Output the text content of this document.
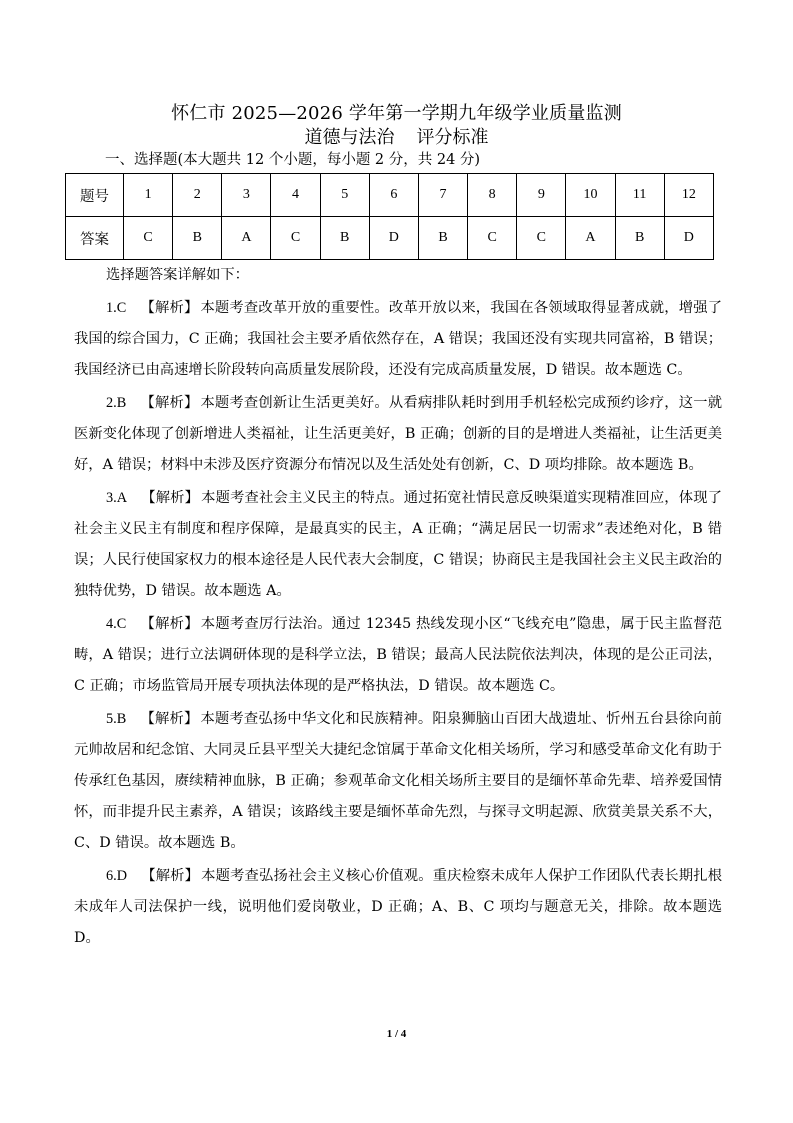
怀仁市 2025—2026 学年第一学期九年级学业质量监测
道德与法治 评分标准
一、选择题(本大题共 12 个小题，每小题 2 分，共 24 分)
题号	1	2	3	4	5	6	7	8	9	10	11	12
答案	C	B	A	C	B	D	B	C	C	A	B	D

选择题答案详解如下：

1.C 【解析】 本题考查改革开放的重要性。改革开放以来，我国在各领域取得显著成就，增强了我国的综合国力，C 正确；我国社会主要矛盾依然存在，A 错误；我国还没有实现共同富裕，B 错误；我国经济已由高速增长阶段转向高质量发展阶段，还没有完成高质量发展，D 错误。故本题选 C。

2.B 【解析】 本题考查创新让生活更美好。从看病排队耗时到用手机轻松完成预约诊疗，这一就医新变化体现了创新增进人类福祉，让生活更美好，B 正确；创新的目的是增进人类福祉，让生活更美好，A 错误；材料中未涉及医疗资源分布情况以及生活处处有创新，C、D 项均排除。故本题选 B。

3.A 【解析】 本题考查社会主义民主的特点。通过拓宽社情民意反映渠道实现精准回应，体现了社会主义民主有制度和程序保障，是最真实的民主，A 正确；“满足居民一切需求”表述绝对化，B 错误；人民行使国家权力的根本途径是人民代表大会制度，C 错误；协商民主是我国社会主义民主政治的独特优势，D 错误。故本题选 A。

4.C 【解析】 本题考查厉行法治。通过 12345 热线发现小区“飞线充电”隐患，属于民主监督范畴，A 错误；进行立法调研体现的是科学立法，B 错误；最高人民法院依法判决，体现的是公正司法，C 正确；市场监管局开展专项执法体现的是严格执法，D 错误。故本题选 C。

5.B 【解析】 本题考查弘扬中华文化和民族精神。阳泉狮脑山百团大战遗址、忻州五台县徐向前元帅故居和纪念馆、大同灵丘县平型关大捷纪念馆属于革命文化相关场所，学习和感受革命文化有助于传承红色基因，赓续精神血脉，B 正确；参观革命文化相关场所主要目的是缅怀革命先辈、培养爱国情怀，而非提升民主素养，A 错误；该路线主要是缅怀革命先烈，与探寻文明起源、欣赏美景关系不大，C、D 错误。故本题选 B。

6.D 【解析】 本题考查弘扬社会主义核心价值观。重庆检察未成年人保护工作团队代表长期扎根未成年人司法保护一线，说明他们爱岗敬业，D 正确；A、B、C 项均与题意无关，排除。故本题选 D。

1 / 4
